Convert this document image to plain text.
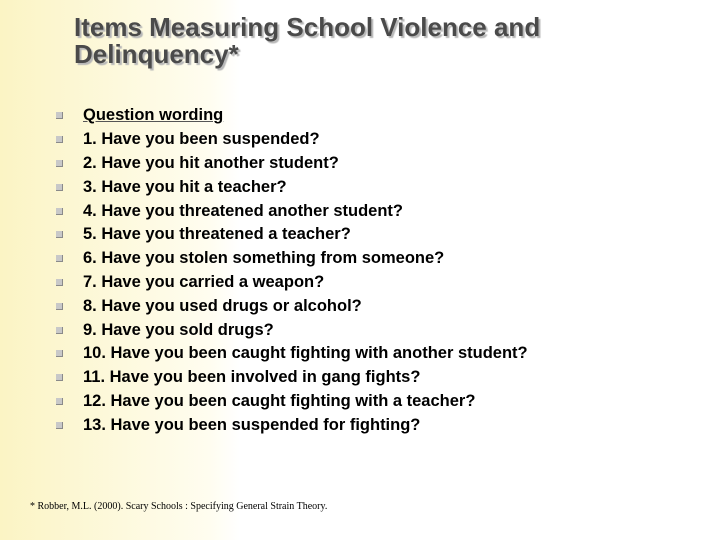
Items Measuring School Violence and Delinquency*
Question wording
1. Have you been suspended?
2. Have you hit another student?
3. Have you hit a teacher?
4. Have you threatened another student?
5. Have you threatened a teacher?
6. Have you stolen something from someone?
7. Have you carried a weapon?
8. Have you used drugs or alcohol?
9. Have you sold drugs?
10. Have you been caught fighting with another student?
11. Have you been involved in gang fights?
12. Have you been caught fighting with a teacher?
13. Have you been suspended for fighting?
* Robber, M.L. (2000). Scary Schools : Specifying General Strain Theory.
